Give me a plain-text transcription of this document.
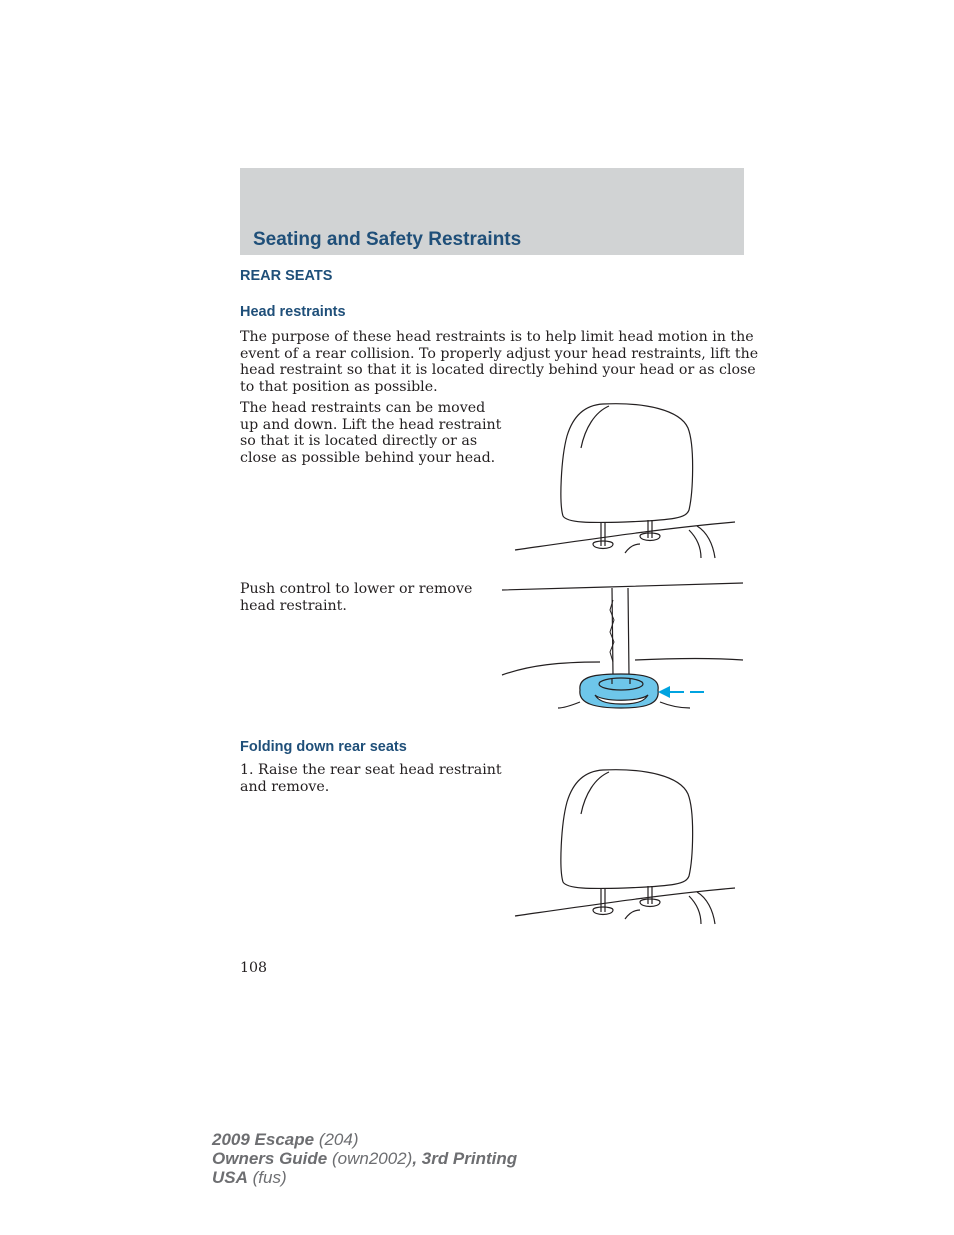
Seating and Safety Restraints
REAR SEATS
Head restraints
The purpose of these head restraints is to help limit head motion in the
event of a rear collision. To properly adjust your head restraints, lift the
head restraint so that it is located directly behind your head or as close
to that position as possible.
The head restraints can be moved
up and down. Lift the head restraint
so that it is located directly or as
close as possible behind your head.
Push control to lower or remove
head restraint.
Folding down rear seats
1. Raise the rear seat head restraint
and remove.

108

2009 Escape (204)
Owners Guide (own2002), 3rd Printing
USA (fus)
